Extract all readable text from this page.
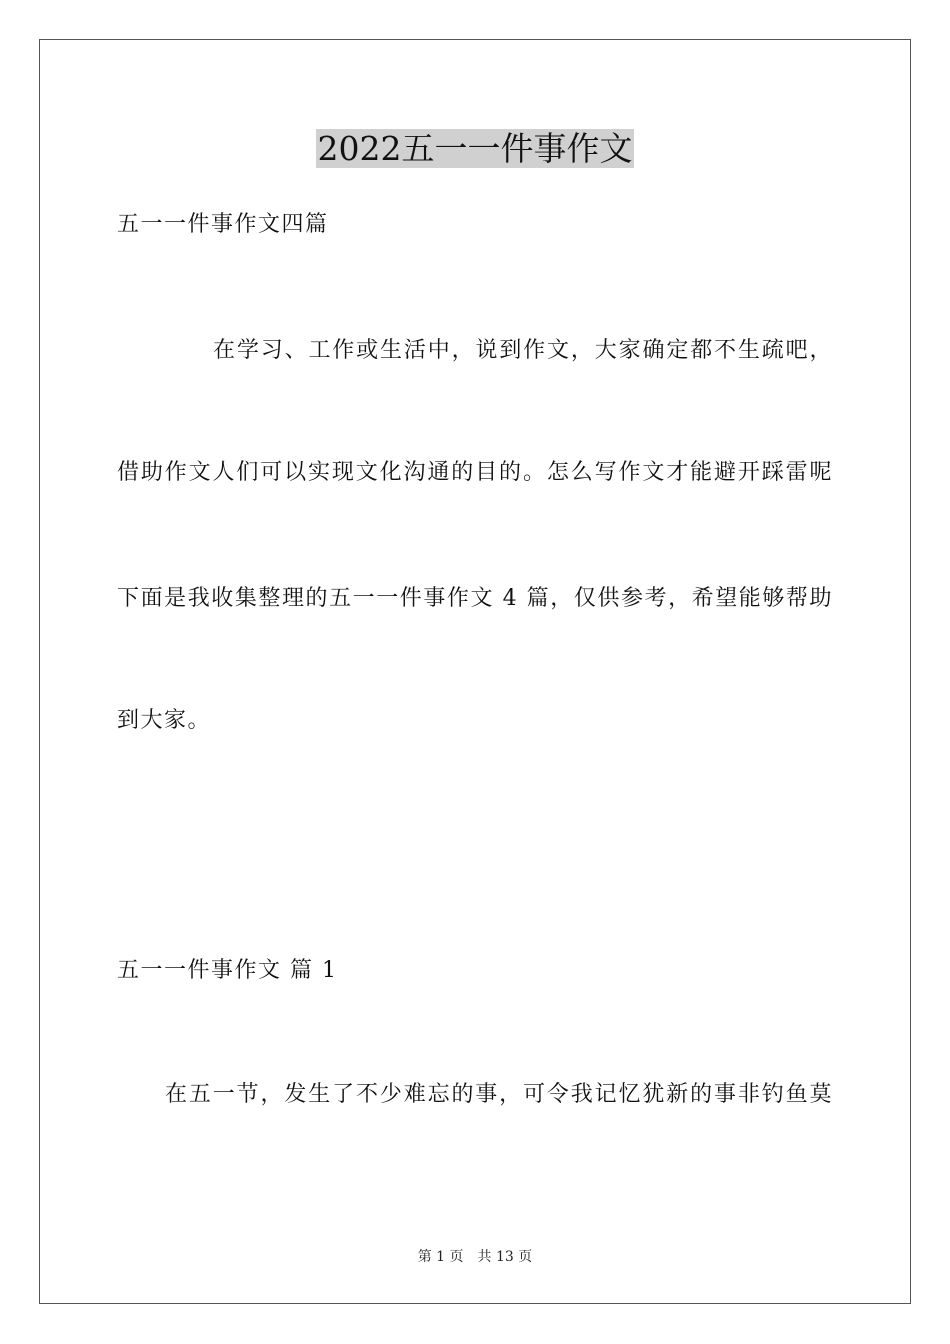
2022五一一件事作文
五一一件事作文四篇
在学习、工作或生活中，说到作文，大家确定都不生疏吧，
借助作文人们可以实现文化沟通的目的。怎么写作文才能避开踩雷呢
下面是我收集整理的五一一件事作文 4 篇，仅供参考，希望能够帮助
到大家。
五一一件事作文 篇 1
在五一节，发生了不少难忘的事，可令我记忆犹新的事非钓鱼莫
第 1 页 共 13 页
